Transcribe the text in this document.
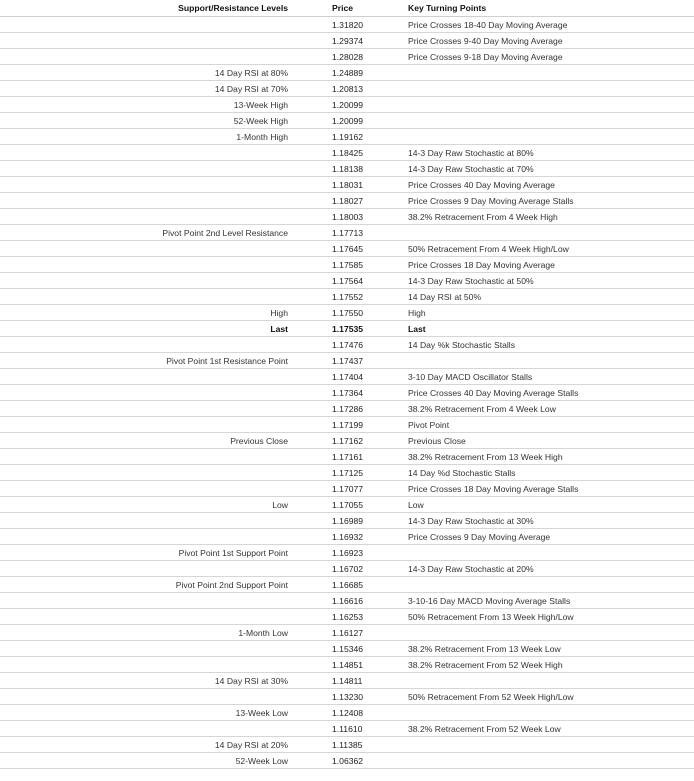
Support/Resistance Levels		Price	Key Turning Points
		1.31820	Price Crosses 18-40 Day Moving Average
		1.29374	Price Crosses 9-40 Day Moving Average
		1.28028	Price Crosses 9-18 Day Moving Average
14 Day RSI at 80%		1.24889	
14 Day RSI at 70%		1.20813	
13-Week High		1.20099	
52-Week High		1.20099	
1-Month High		1.19162	
		1.18425	14-3 Day Raw Stochastic at 80%
		1.18138	14-3 Day Raw Stochastic at 70%
		1.18031	Price Crosses 40 Day Moving Average
		1.18027	Price Crosses 9 Day Moving Average Stalls
		1.18003	38.2% Retracement From 4 Week High
Pivot Point 2nd Level Resistance		1.17713	
		1.17645	50% Retracement From 4 Week High/Low
		1.17585	Price Crosses 18 Day Moving Average
		1.17564	14-3 Day Raw Stochastic at 50%
		1.17552	14 Day RSI at 50%
High		1.17550	High
Last		1.17535	Last
		1.17476	14 Day %k Stochastic Stalls
Pivot Point 1st Resistance Point		1.17437	
		1.17404	3-10 Day MACD Oscillator Stalls
		1.17364	Price Crosses 40 Day Moving Average Stalls
		1.17286	38.2% Retracement From 4 Week Low
		1.17199	Pivot Point
Previous Close		1.17162	Previous Close
		1.17161	38.2% Retracement From 13 Week High
		1.17125	14 Day %d Stochastic Stalls
		1.17077	Price Crosses 18 Day Moving Average Stalls
Low		1.17055	Low
		1.16989	14-3 Day Raw Stochastic at 30%
		1.16932	Price Crosses 9 Day Moving Average
Pivot Point 1st Support Point		1.16923	
		1.16702	14-3 Day Raw Stochastic at 20%
Pivot Point 2nd Support Point		1.16685	
		1.16616	3-10-16 Day MACD Moving Average Stalls
		1.16253	50% Retracement From 13 Week High/Low
1-Month Low		1.16127	
		1.15346	38.2% Retracement From 13 Week Low
		1.14851	38.2% Retracement From 52 Week High
14 Day RSI at 30%		1.14811	
		1.13230	50% Retracement From 52 Week High/Low
13-Week Low		1.12408	
		1.11610	38.2% Retracement From 52 Week Low
14 Day RSI at 20%		1.11385	
52-Week Low		1.06362	
